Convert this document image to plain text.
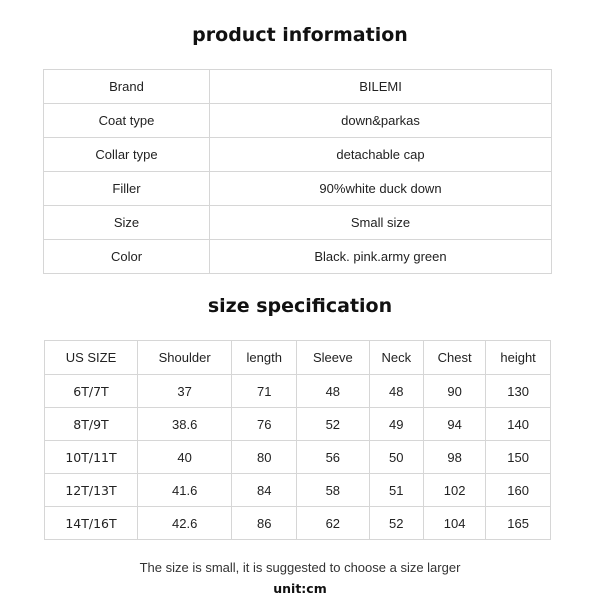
product information
Brand	BILEMI
Coat type	down&parkas
Collar type	detachable cap
Filler	90%white duck down
Size	Small size
Color	Black. pink.army green
size specification
US SIZE	Shoulder	length	Sleeve	Neck	Chest	height
6T/7T	37	71	48	48	90	130
8T/9T	38.6	76	52	49	94	140
10T/11T	40	80	56	50	98	150
12T/13T	41.6	84	58	51	102	160
14T/16T	42.6	86	62	52	104	165
The size is small, it is suggested to choose a size larger
unit:cm
